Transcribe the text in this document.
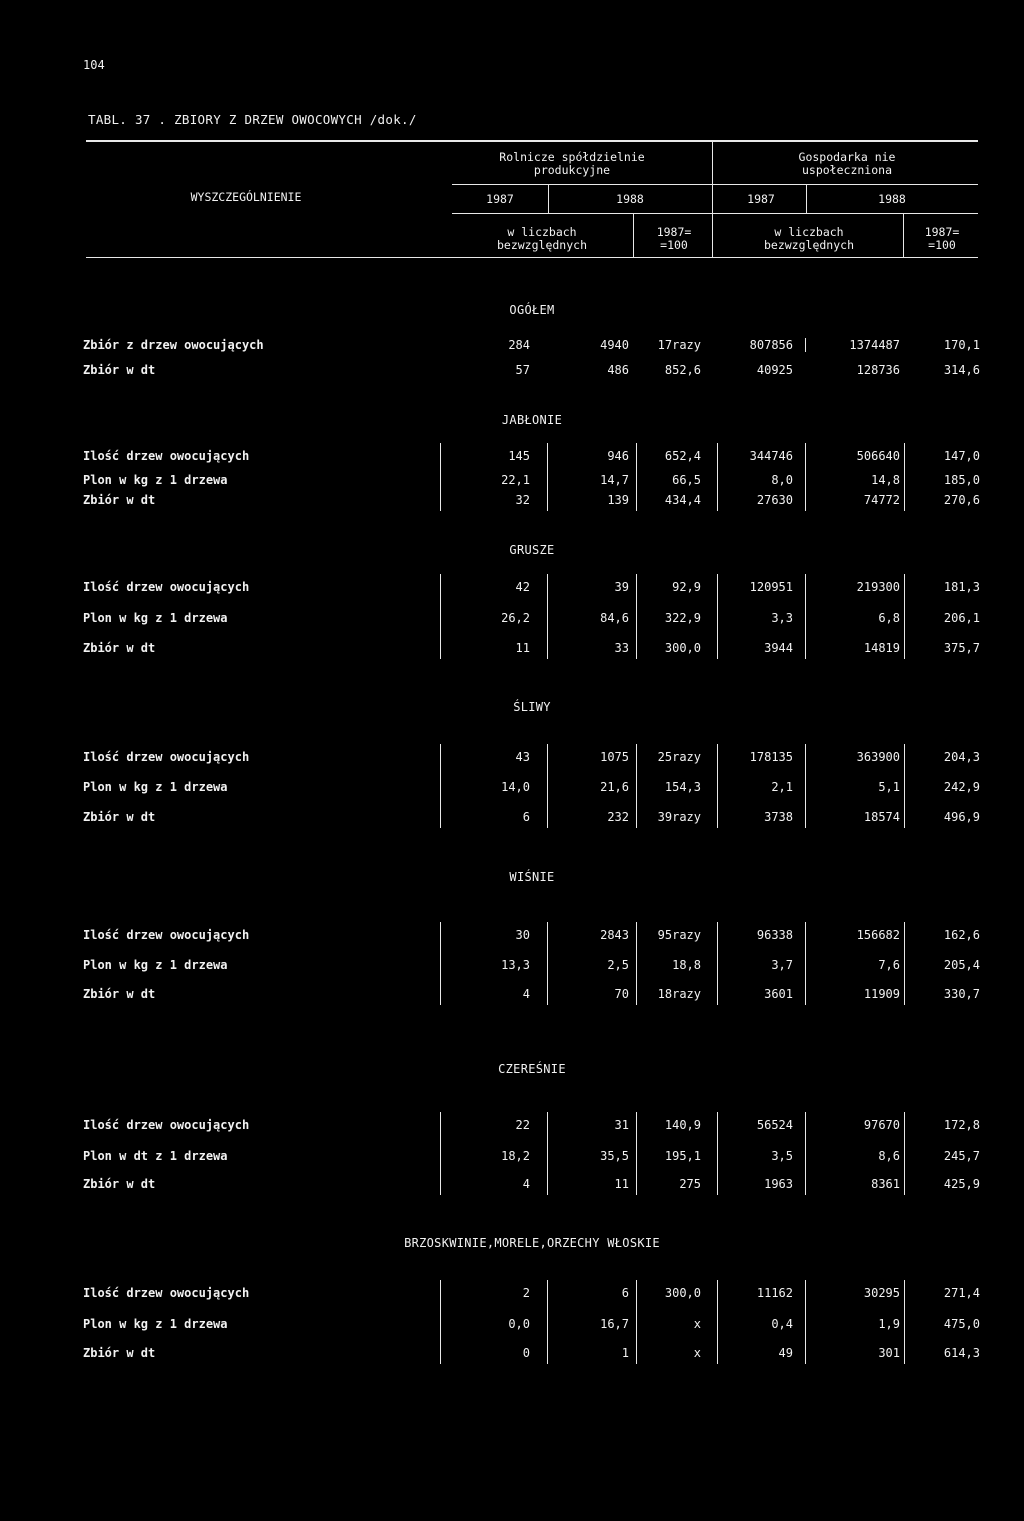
104
TABL. 37 . ZBIORY Z DRZEW OWOCOWYCH /dok./
WYSZCZEGÓLNIENIE
Rolnicze spółdzielnie
produkcyjne
Gospodarka nie
uspołeczniona
1987	1988	1987	1988
w liczbach
bezwzględnych
1987=
=100
w liczbach
bezwzględnych
1987=
=100
OGÓŁEM
Zbiór z drzew owocujących	284	4940	17razy	807856	1374487	170,1
Zbiór w dt	57	486	852,6	40925	128736	314,6
JABŁONIE
Ilość drzew owocujących	145	946	652,4	344746	506640	147,0
Plon w kg z 1 drzewa	22,1	14,7	66,5	8,0	14,8	185,0
Zbiór w dt	32	139	434,4	27630	74772	270,6
GRUSZE
Ilość drzew owocujących	42	39	92,9	120951	219300	181,3
Plon w kg z 1 drzewa	26,2	84,6	322,9	3,3	6,8	206,1
Zbiór w dt	11	33	300,0	3944	14819	375,7
ŚLIWY
Ilość drzew owocujących	43	1075	25razy	178135	363900	204,3
Plon w kg z 1 drzewa	14,0	21,6	154,3	2,1	5,1	242,9
Zbiór w dt	6	232	39razy	3738	18574	496,9
WIŚNIE
Ilość drzew owocujących	30	2843	95razy	96338	156682	162,6
Plon w kg z 1 drzewa	13,3	2,5	18,8	3,7	7,6	205,4
Zbiór w dt	4	70	18razy	3601	11909	330,7
CZEREŚNIE
Ilość drzew owocujących	22	31	140,9	56524	97670	172,8
Plon w dt z 1 drzewa	18,2	35,5	195,1	3,5	8,6	245,7
Zbiór w dt	4	11	275	1963	8361	425,9
BRZOSKWINIE,MORELE,ORZECHY WŁOSKIE
Ilość drzew owocujących	2	6	300,0	11162	30295	271,4
Plon w kg z 1 drzewa	0,0	16,7	x	0,4	1,9	475,0
Zbiór w dt	0	1	x	49	301	614,3
